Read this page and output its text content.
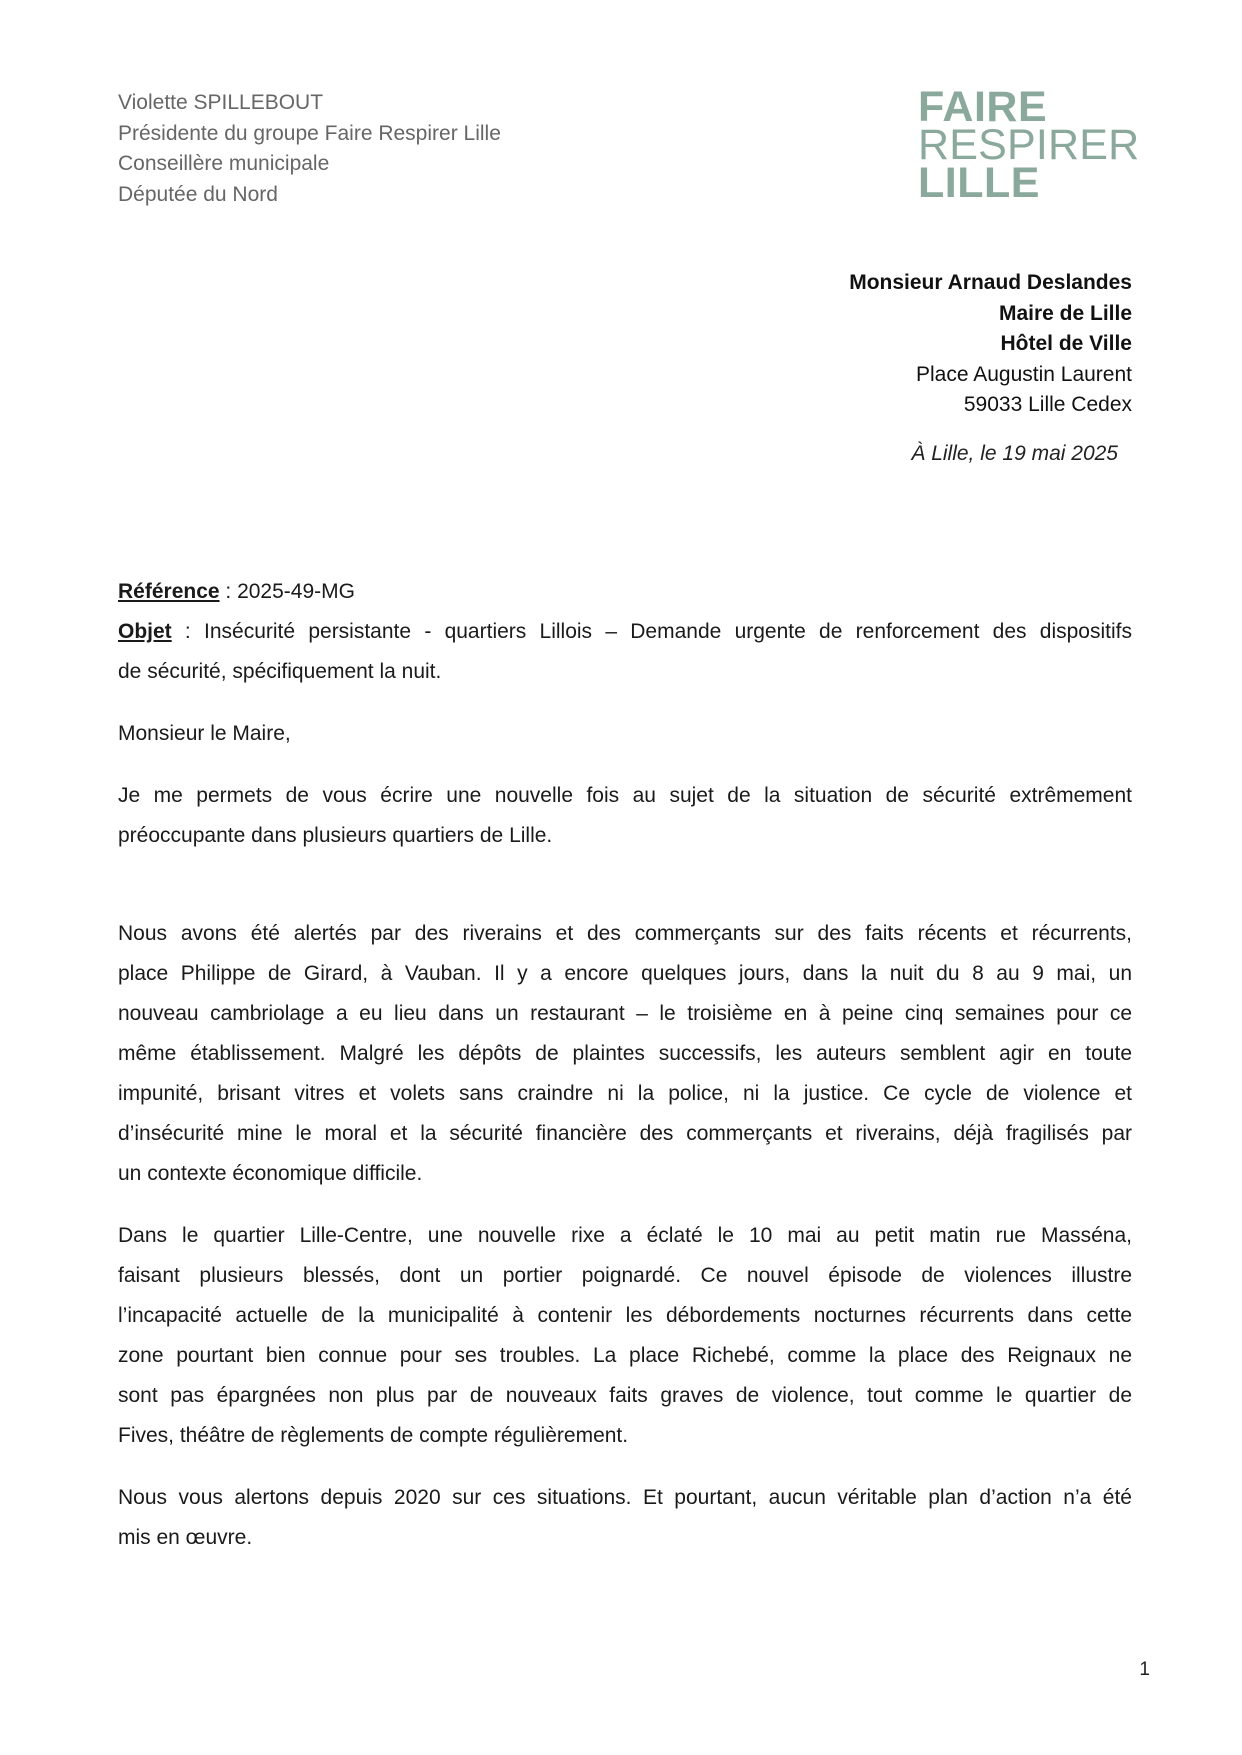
Violette SPILLEBOUT
Présidente du groupe Faire Respirer Lille
Conseillère municipale
Députée du Nord
FAIRE
RESPIRER
LILLE
Monsieur Arnaud Deslandes
Maire de Lille
Hôtel de Ville
Place Augustin Laurent
59033 Lille Cedex
À Lille, le 19 mai 2025
Référence : 2025-49-MG
Objet : Insécurité persistante - quartiers Lillois – Demande urgente de renforcement des dispositifs
de sécurité, spécifiquement la nuit.
Monsieur le Maire,
Je me permets de vous écrire une nouvelle fois au sujet de la situation de sécurité extrêmement
préoccupante dans plusieurs quartiers de Lille.
Nous avons été alertés par des riverains et des commerçants sur des faits récents et récurrents,
place Philippe de Girard, à Vauban. Il y a encore quelques jours, dans la nuit du 8 au 9 mai, un
nouveau cambriolage a eu lieu dans un restaurant – le troisième en à peine cinq semaines pour ce
même établissement. Malgré les dépôts de plaintes successifs, les auteurs semblent agir en toute
impunité, brisant vitres et volets sans craindre ni la police, ni la justice. Ce cycle de violence et
d’insécurité mine le moral et la sécurité financière des commerçants et riverains, déjà fragilisés par
un contexte économique difficile.
Dans le quartier Lille-Centre, une nouvelle rixe a éclaté le 10 mai au petit matin rue Masséna,
faisant plusieurs blessés, dont un portier poignardé. Ce nouvel épisode de violences illustre
l’incapacité actuelle de la municipalité à contenir les débordements nocturnes récurrents dans cette
zone pourtant bien connue pour ses troubles. La place Richebé, comme la place des Reignaux ne
sont pas épargnées non plus par de nouveaux faits graves de violence, tout comme le quartier de
Fives, théâtre de règlements de compte régulièrement.
Nous vous alertons depuis 2020 sur ces situations. Et pourtant, aucun véritable plan d’action n’a été
mis en œuvre.
1
